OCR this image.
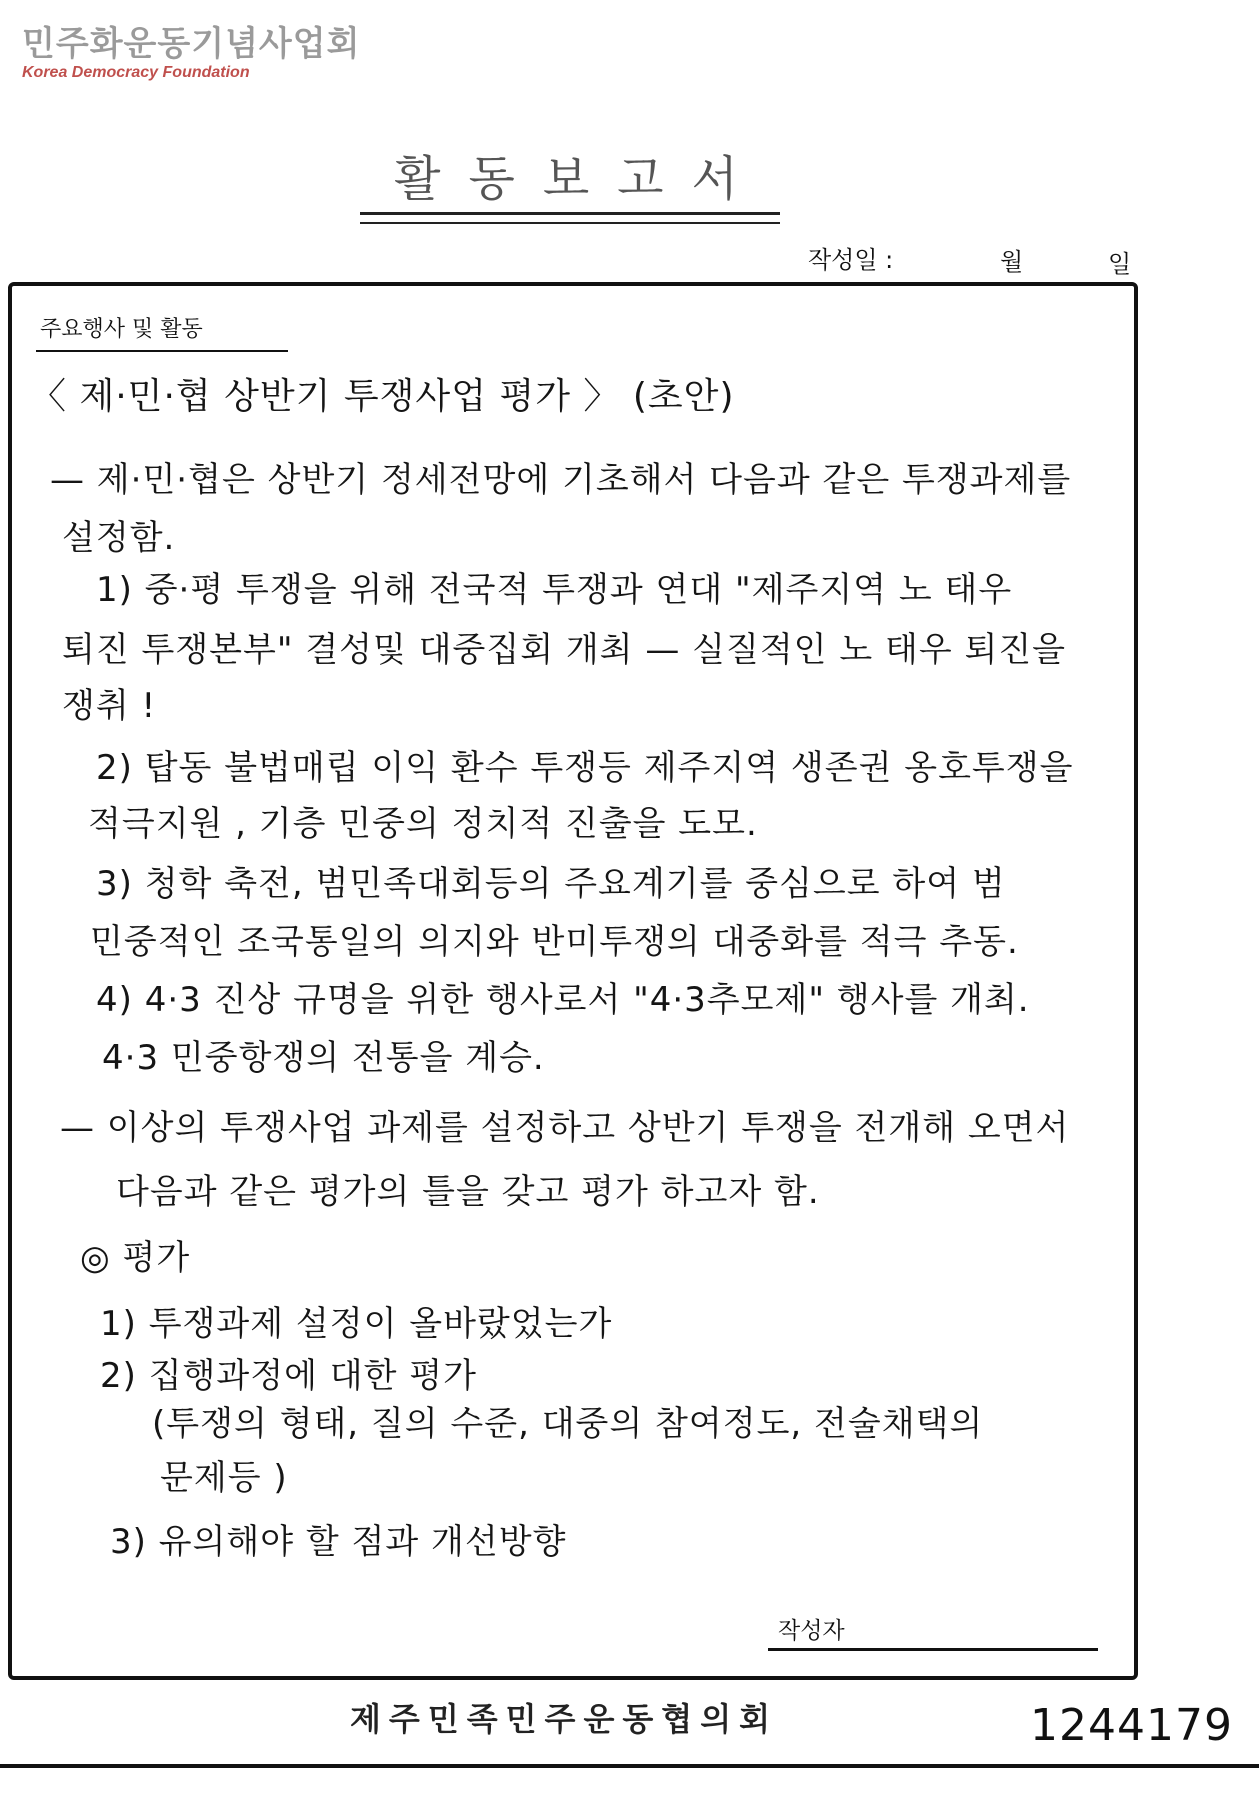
민주화운동기념사업회
Korea Democracy Foundation
활동보고서
작성일 :	월	일
주요행사 및 활동
〈 제·민·협 상반기 투쟁사업 평가 〉 (초안)
— 제·민·협은 상반기 정세전망에 기초해서 다음과 같은 투쟁과제를
설정함.
1) 중·평 투쟁을 위해 전국적 투쟁과 연대 "제주지역 노 태우
퇴진 투쟁본부" 결성및 대중집회 개최 — 실질적인 노 태우 퇴진을
쟁취 !
2) 탑동 불법매립 이익 환수 투쟁등 제주지역 생존권 옹호투쟁을
적극지원 , 기층 민중의 정치적 진출을 도모.
3) 청학 축전, 범민족대회등의 주요계기를 중심으로 하여 범
민중적인 조국통일의 의지와 반미투쟁의 대중화를 적극 추동.
4) 4·3 진상 규명을 위한 행사로서 "4·3추모제" 행사를 개최.
4·3 민중항쟁의 전통을 계승.
— 이상의 투쟁사업 과제를 설정하고 상반기 투쟁을 전개해 오면서
다음과 같은 평가의 틀을 갖고 평가 하고자 함.
◎ 평가
1) 투쟁과제 설정이 올바랐었는가
2) 집행과정에 대한 평가
(투쟁의 형태, 질의 수준, 대중의 참여정도, 전술채택의
문제등 )
3) 유의해야 할 점과 개선방향
작성자
제주민족민주운동협의회	1244179
